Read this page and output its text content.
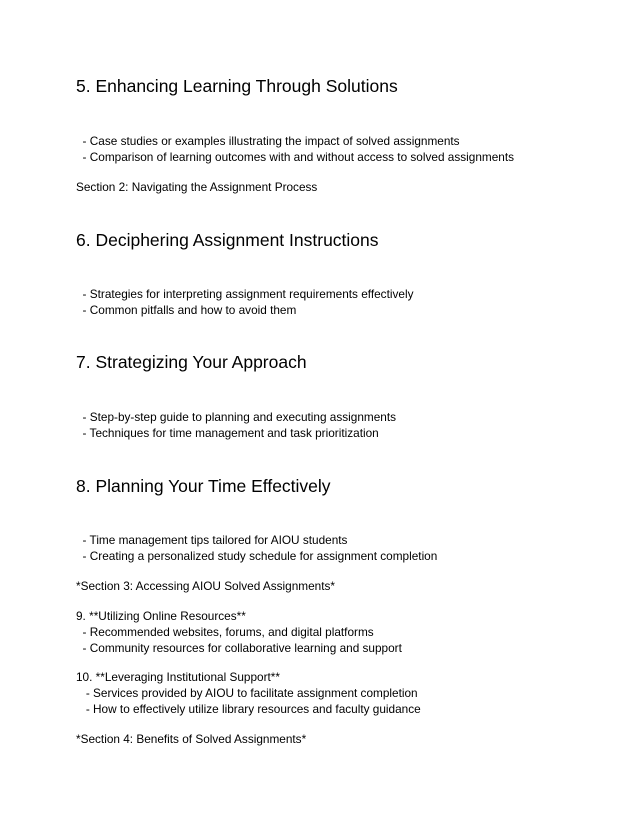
5. Enhancing Learning Through Solutions
- Case studies or examples illustrating the impact of solved assignments
- Comparison of learning outcomes with and without access to solved assignments
Section 2: Navigating the Assignment Process
6. Deciphering Assignment Instructions
- Strategies for interpreting assignment requirements effectively
- Common pitfalls and how to avoid them
7. Strategizing Your Approach
- Step-by-step guide to planning and executing assignments
- Techniques for time management and task prioritization
8. Planning Your Time Effectively
- Time management tips tailored for AIOU students
- Creating a personalized study schedule for assignment completion
*Section 3: Accessing AIOU Solved Assignments*
9. **Utilizing Online Resources**
- Recommended websites, forums, and digital platforms
- Community resources for collaborative learning and support
10. **Leveraging Institutional Support**
- Services provided by AIOU to facilitate assignment completion
- How to effectively utilize library resources and faculty guidance
*Section 4: Benefits of Solved Assignments*
